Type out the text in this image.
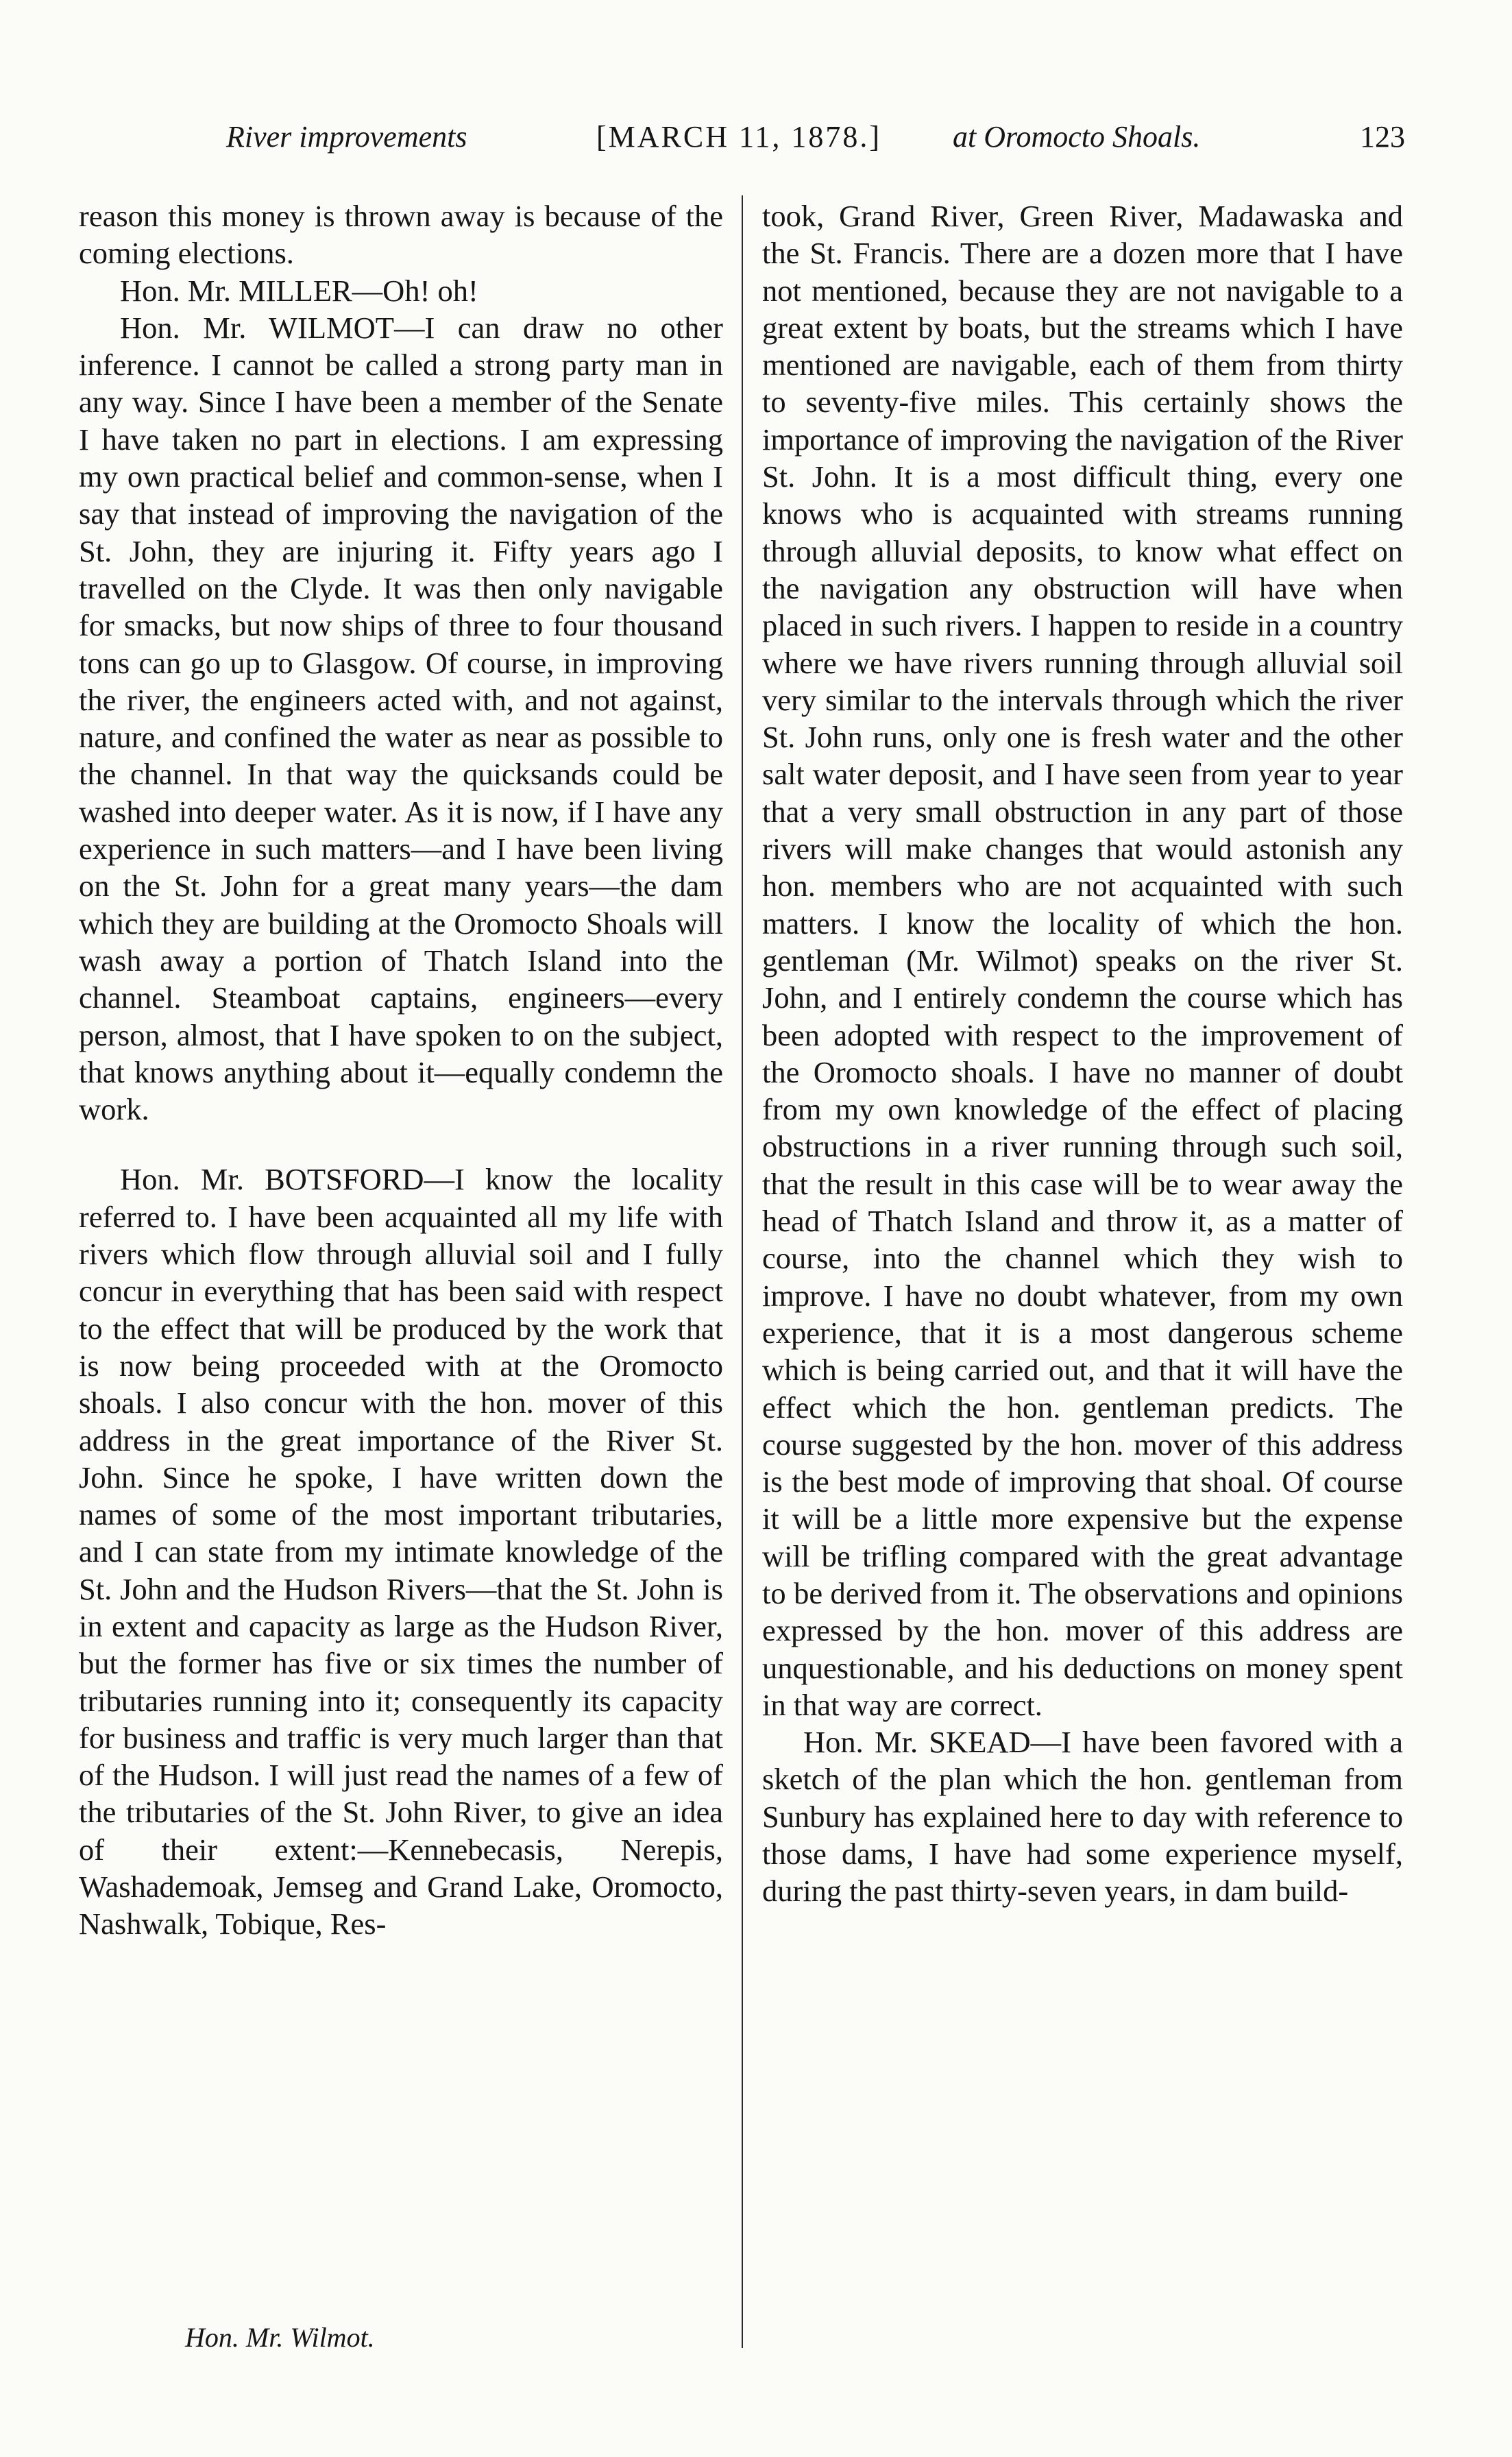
River improvements	[MARCH 11, 1878.] at Oromocto Shoals.	123

reason this money is thrown away is because of the coming elections.

Hon. Mr. MILLER—Oh! oh!

Hon. Mr. WILMOT—I can draw no other inference. I cannot be called a strong party man in any way. Since I have been a member of the Senate I have taken no part in elections. I am expressing my own practical belief and common-sense, when I say that instead of improving the navigation of the St. John, they are injuring it. Fifty years ago I travelled on the Clyde. It was then only navigable for smacks, but now ships of three to four thousand tons can go up to Glasgow. Of course, in improving the river, the engineers acted with, and not against, nature, and confined the water as near as possible to the channel. In that way the quicksands could be washed into deeper water. As it is now, if I have any experience in such matters—and I have been living on the St. John for a great many years—the dam which they are building at the Oromocto Shoals will wash away a portion of Thatch Island into the channel. Steamboat captains, engineers—every person, almost, that I have spoken to on the subject, that knows anything about it—equally condemn the work.

Hon. Mr. BOTSFORD—I know the locality referred to. I have been acquainted all my life with rivers which flow through alluvial soil and I fully concur in everything that has been said with respect to the effect that will be produced by the work that is now being proceeded with at the Oromocto shoals. I also concur with the hon. mover of this address in the great importance of the River St. John. Since he spoke, I have written down the names of some of the most important tributaries, and I can state from my intimate knowledge of the St. John and the Hudson Rivers—that the St. John is in extent and capacity as large as the Hudson River, but the former has five or six times the number of tributaries running into it; consequently its capacity for business and traffic is very much larger than that of the Hudson. I will just read the names of a few of the tributaries of the St. John River, to give an idea of their extent:—Kennebecasis, Nerepis, Washademoak, Jemseg and Grand Lake, Oromocto, Nashwalk, Tobique, Res-

took, Grand River, Green River, Madawaska and the St. Francis. There are a dozen more that I have not mentioned, because they are not navigable to a great extent by boats, but the streams which I have mentioned are navigable, each of them from thirty to seventy-five miles. This certainly shows the importance of improving the navigation of the River St. John. It is a most difficult thing, every one knows who is acquainted with streams running through alluvial deposits, to know what effect on the navigation any obstruction will have when placed in such rivers. I happen to reside in a country where we have rivers running through alluvial soil very similar to the intervals through which the river St. John runs, only one is fresh water and the other salt water deposit, and I have seen from year to year that a very small obstruction in any part of those rivers will make changes that would astonish any hon. members who are not acquainted with such matters. I know the locality of which the hon. gentleman (Mr. Wilmot) speaks on the river St. John, and I entirely condemn the course which has been adopted with respect to the improvement of the Oromocto shoals. I have no manner of doubt from my own knowledge of the effect of placing obstructions in a river running through such soil, that the result in this case will be to wear away the head of Thatch Island and throw it, as a matter of course, into the channel which they wish to improve. I have no doubt whatever, from my own experience, that it is a most dangerous scheme which is being carried out, and that it will have the effect which the hon. gentleman predicts. The course suggested by the hon. mover of this address is the best mode of improving that shoal. Of course it will be a little more expensive but the expense will be trifling compared with the great advantage to be derived from it. The observations and opinions expressed by the hon. mover of this address are unquestionable, and his deductions on money spent in that way are correct.

Hon. Mr. SKEAD—I have been favored with a sketch of the plan which the hon. gentleman from Sunbury has explained here to day with reference to those dams, I have had some experience myself, during the past thirty-seven years, in dam build-

Hon. Mr. Wilmot.
